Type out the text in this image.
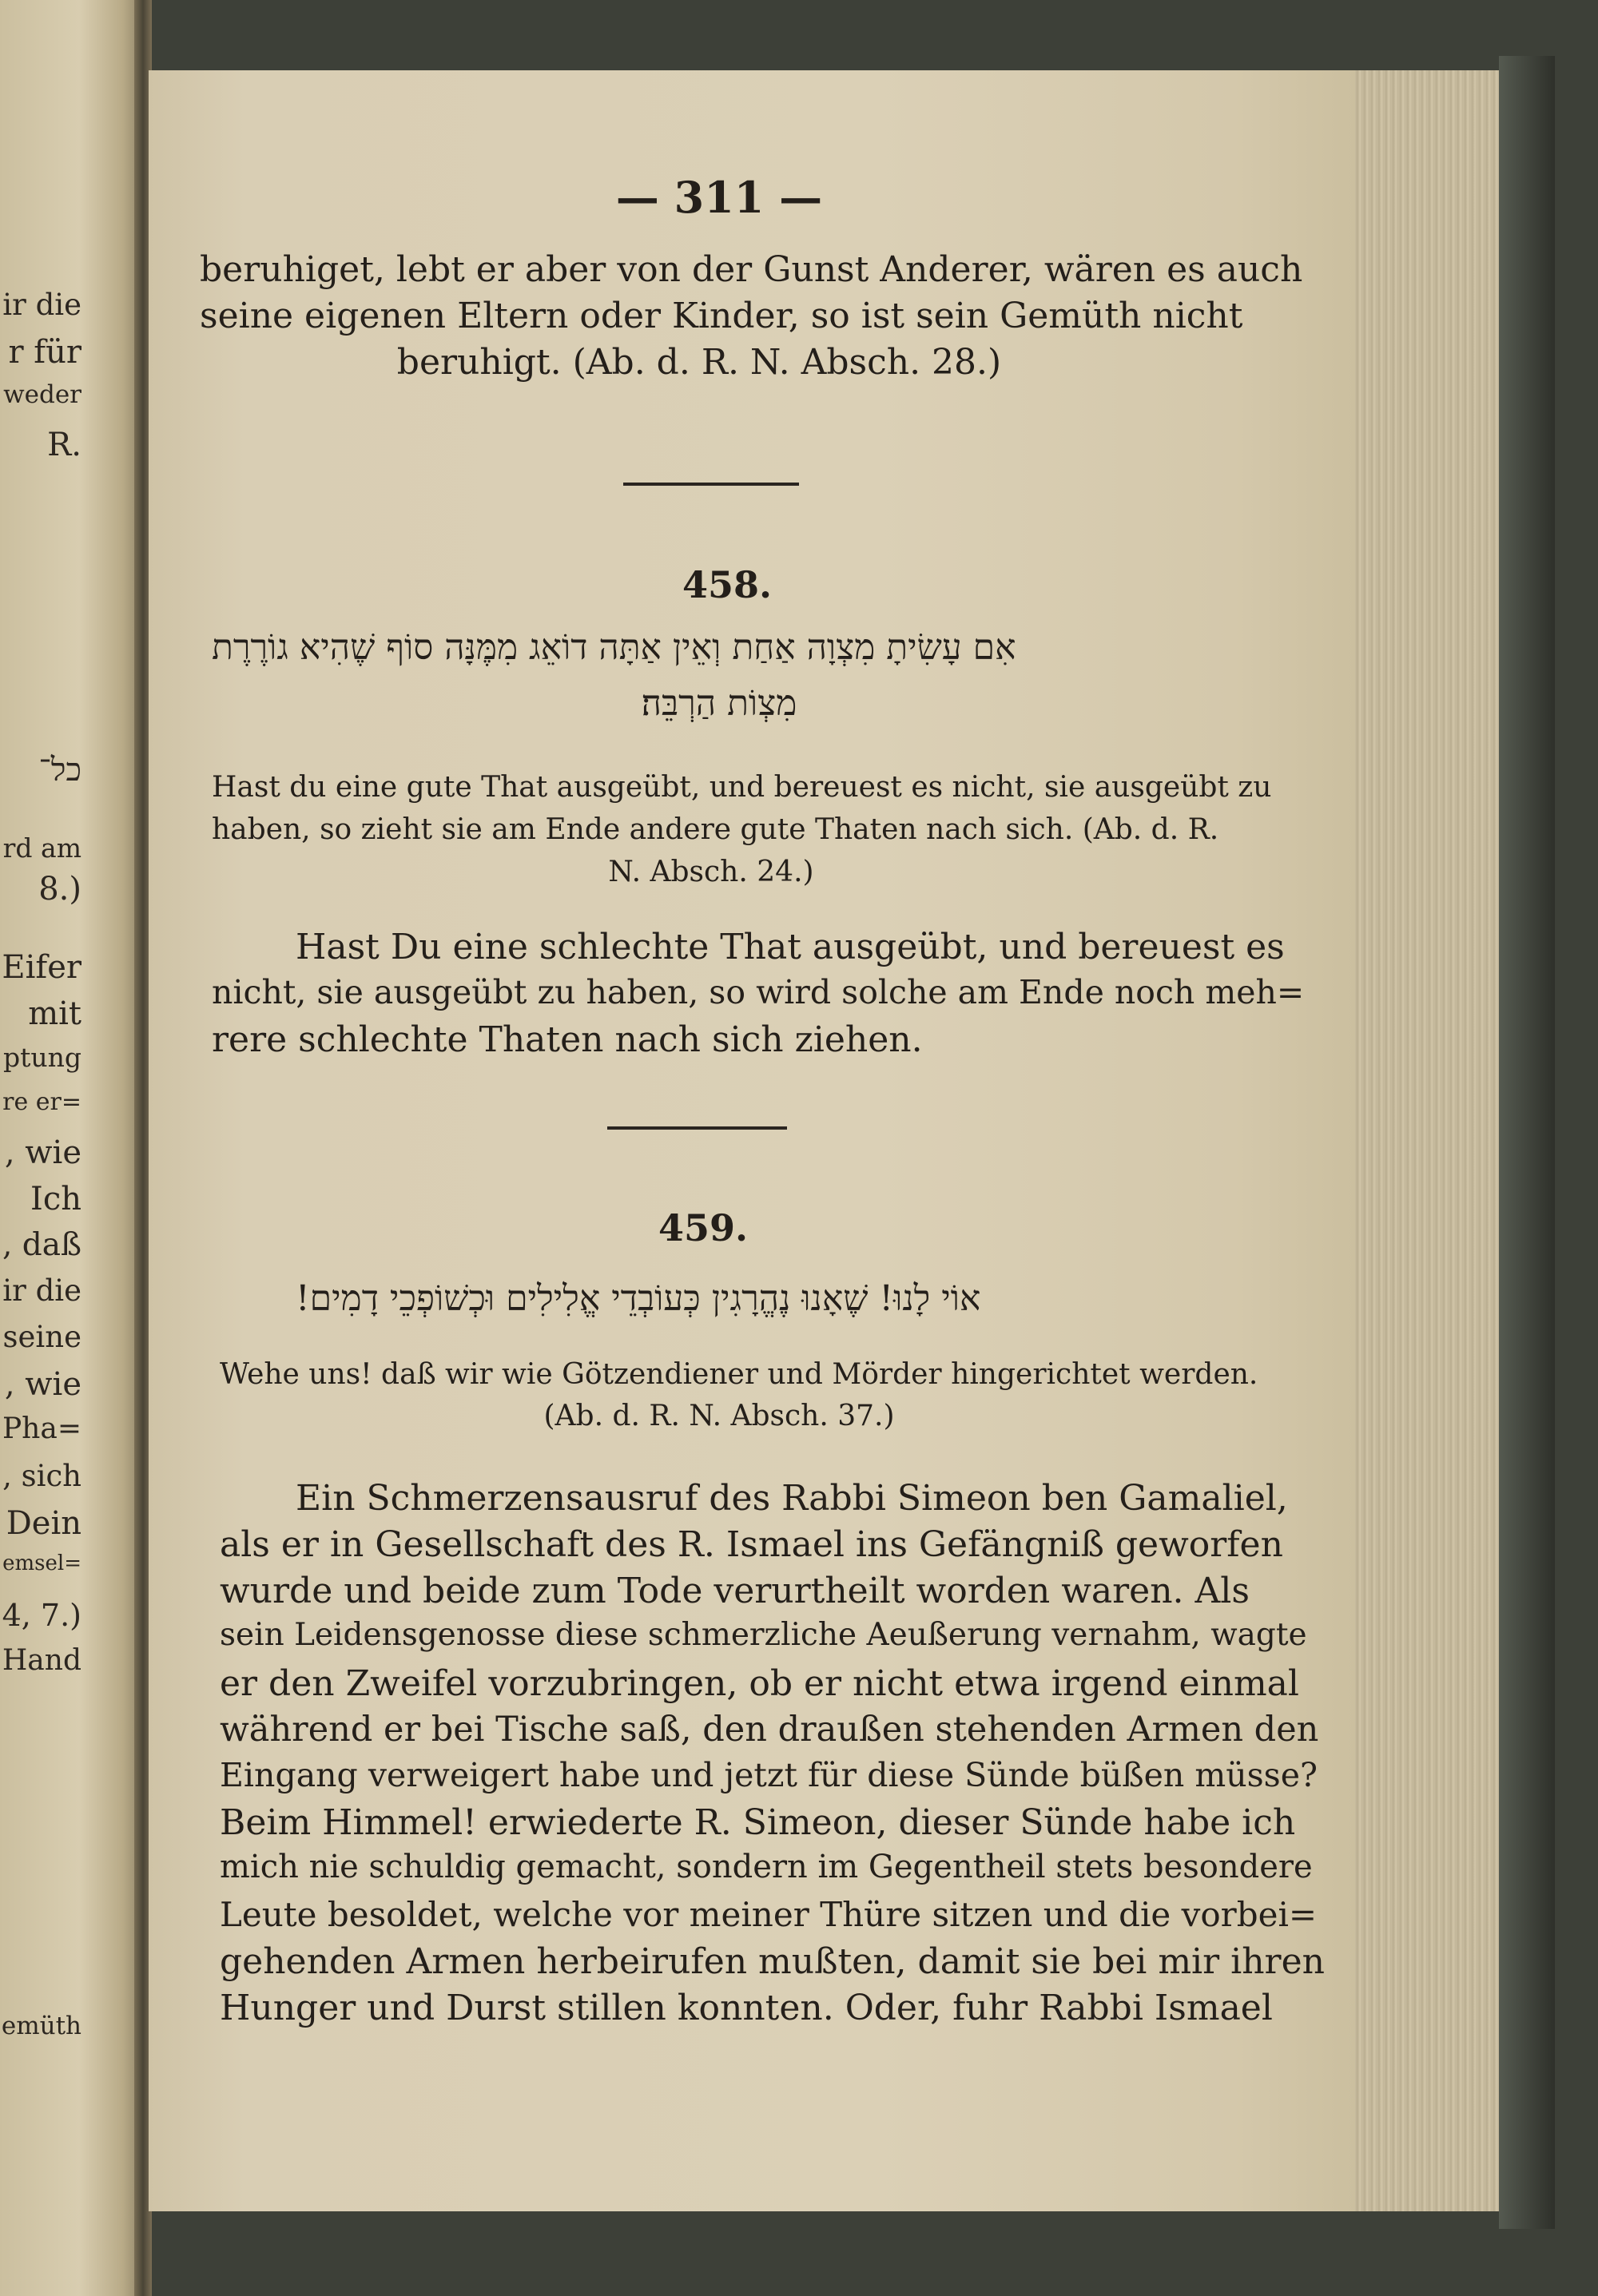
ir die
r für
weder
R.
כל־
rd am
8.)
Eifer
mit
ptung
re er=
, wie
Ich
, daß
ir die
seine
, wie
Pha=
, sich
Dein
emsel=
4, 7.)
Hand
emüth
— 311 —
beruhiget, lebt er aber von der Gunst Anderer, wären es auch
seine eigenen Eltern oder Kinder, so ist sein Gemüth nicht
beruhigt. (Ab. d. R. N. Absch. 28.)
458.
אִם עָשִׂיתָ מִצְוָה אַחַת וְאֵין אַתָּה דוֹאֵג מִמֶּנָּה סוֹף שֶׁהִיא גוֹרֶרֶת
מִצְוֹת הַרְבֵּה׃
Hast du eine gute That ausgeübt, und bereuest es nicht, sie ausgeübt zu
haben, so zieht sie am Ende andere gute Thaten nach sich. (Ab. d. R.
N. Absch. 24.)
Hast Du eine schlechte That ausgeübt, und bereuest es
nicht, sie ausgeübt zu haben, so wird solche am Ende noch meh=
rere schlechte Thaten nach sich ziehen.
459.
אוֹי לָנוּ! שֶׁאָנוּ נֶהֱרָגִין כְּעוֹבְדֵי אֱלִילִים וּכְשׁוֹפְכֵי דָמִים!
Wehe uns! daß wir wie Götzendiener und Mörder hingerichtet werden.
(Ab. d. R. N. Absch. 37.)
Ein Schmerzensausruf des Rabbi Simeon ben Gamaliel,
als er in Gesellschaft des R. Ismael ins Gefängniß geworfen
wurde und beide zum Tode verurtheilt worden waren. Als
sein Leidensgenosse diese schmerzliche Aeußerung vernahm, wagte
er den Zweifel vorzubringen, ob er nicht etwa irgend einmal
während er bei Tische saß, den draußen stehenden Armen den
Eingang verweigert habe und jetzt für diese Sünde büßen müsse?
Beim Himmel! erwiederte R. Simeon, dieser Sünde habe ich
mich nie schuldig gemacht, sondern im Gegentheil stets besondere
Leute besoldet, welche vor meiner Thüre sitzen und die vorbei=
gehenden Armen herbeirufen mußten, damit sie bei mir ihren
Hunger und Durst stillen konnten. Oder, fuhr Rabbi Ismael
